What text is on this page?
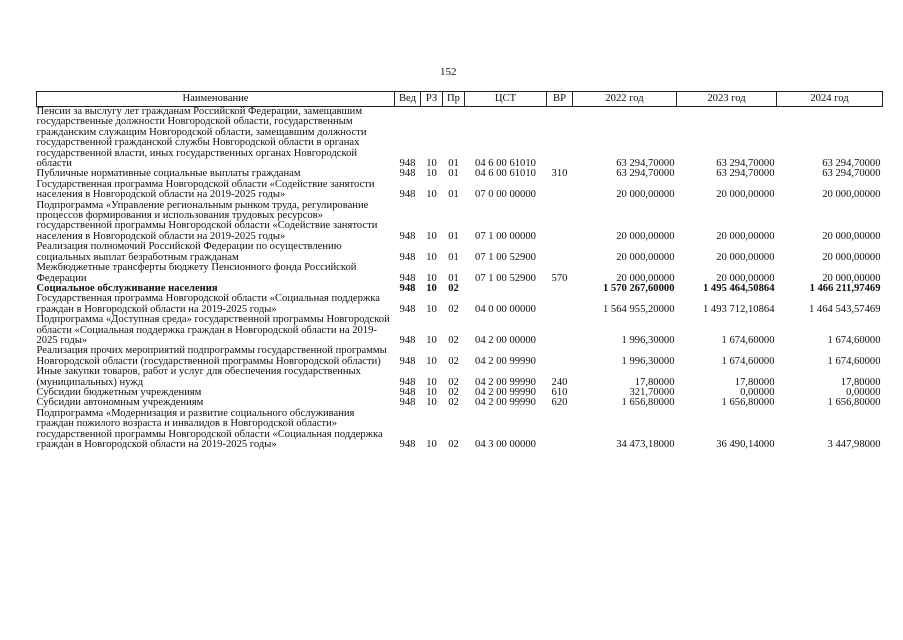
152
Наименование	Вед	РЗ	Пр	ЦСТ	ВР	2022 год	2023 год	2024 год
Пенсии за выслугу лет гражданам Российской Федерации, замещавшим государственные должности Новгородской области, государственным гражданским служащим Новгородской области, замещавшим должности государственной гражданской службы Новгородской области в органах государственной власти, иных государственных органах Новгородской области	948	10	01	04 6 00 61010		63 294,70000	63 294,70000	63 294,70000
Публичные нормативные социальные выплаты гражданам	948	10	01	04 6 00 61010	310	63 294,70000	63 294,70000	63 294,70000
Государственная программа Новгородской области «Содействие занятости населения в Новгородской области на 2019-2025 годы»	948	10	01	07 0 00 00000		20 000,00000	20 000,00000	20 000,00000
Подпрограмма «Управление региональным рынком труда, регулирование процессов формирования и использования трудовых ресурсов» государственной программы Новгородской области «Содействие занятости населения в Новгородской области на 2019-2025 годы»	948	10	01	07 1 00 00000		20 000,00000	20 000,00000	20 000,00000
Реализация полномочий Российской Федерации по осуществлению социальных выплат безработным гражданам	948	10	01	07 1 00 52900		20 000,00000	20 000,00000	20 000,00000
Межбюджетные трансферты бюджету Пенсионного фонда Российской Федерации	948	10	01	07 1 00 52900	570	20 000,00000	20 000,00000	20 000,00000
Социальное обслуживание населения	948	10	02			1 570 267,60000	1 495 464,50864	1 466 211,97469
Государственная программа Новгородской области «Социальная поддержка граждан в Новгородской области на 2019-2025 годы»	948	10	02	04 0 00 00000		1 564 955,20000	1 493 712,10864	1 464 543,57469
Подпрограмма «Доступная среда» государственной программы Новгородской области «Социальная поддержка граждан в Новгородской области на 2019-2025 годы»	948	10	02	04 2 00 00000		1 996,30000	1 674,60000	1 674,60000
Реализация прочих мероприятий подпрограммы государственной программы Новгородской области (государственной программы Новгородской области)	948	10	02	04 2 00 99990		1 996,30000	1 674,60000	1 674,60000
Иные закупки товаров, работ и услуг для обеспечения государственных (муниципальных) нужд	948	10	02	04 2 00 99990	240	17,80000	17,80000	17,80000
Субсидии бюджетным учреждениям	948	10	02	04 2 00 99990	610	321,70000	0,00000	0,00000
Субсидии автономным учреждениям	948	10	02	04 2 00 99990	620	1 656,80000	1 656,80000	1 656,80000
Подпрограмма «Модернизация и развитие социального обслуживания граждан пожилого возраста и инвалидов в Новгородской области» государственной программы Новгородской области «Социальная поддержка граждан в Новгородской области на 2019-2025 годы»	948	10	02	04 3 00 00000		34 473,18000	36 490,14000	3 447,98000
